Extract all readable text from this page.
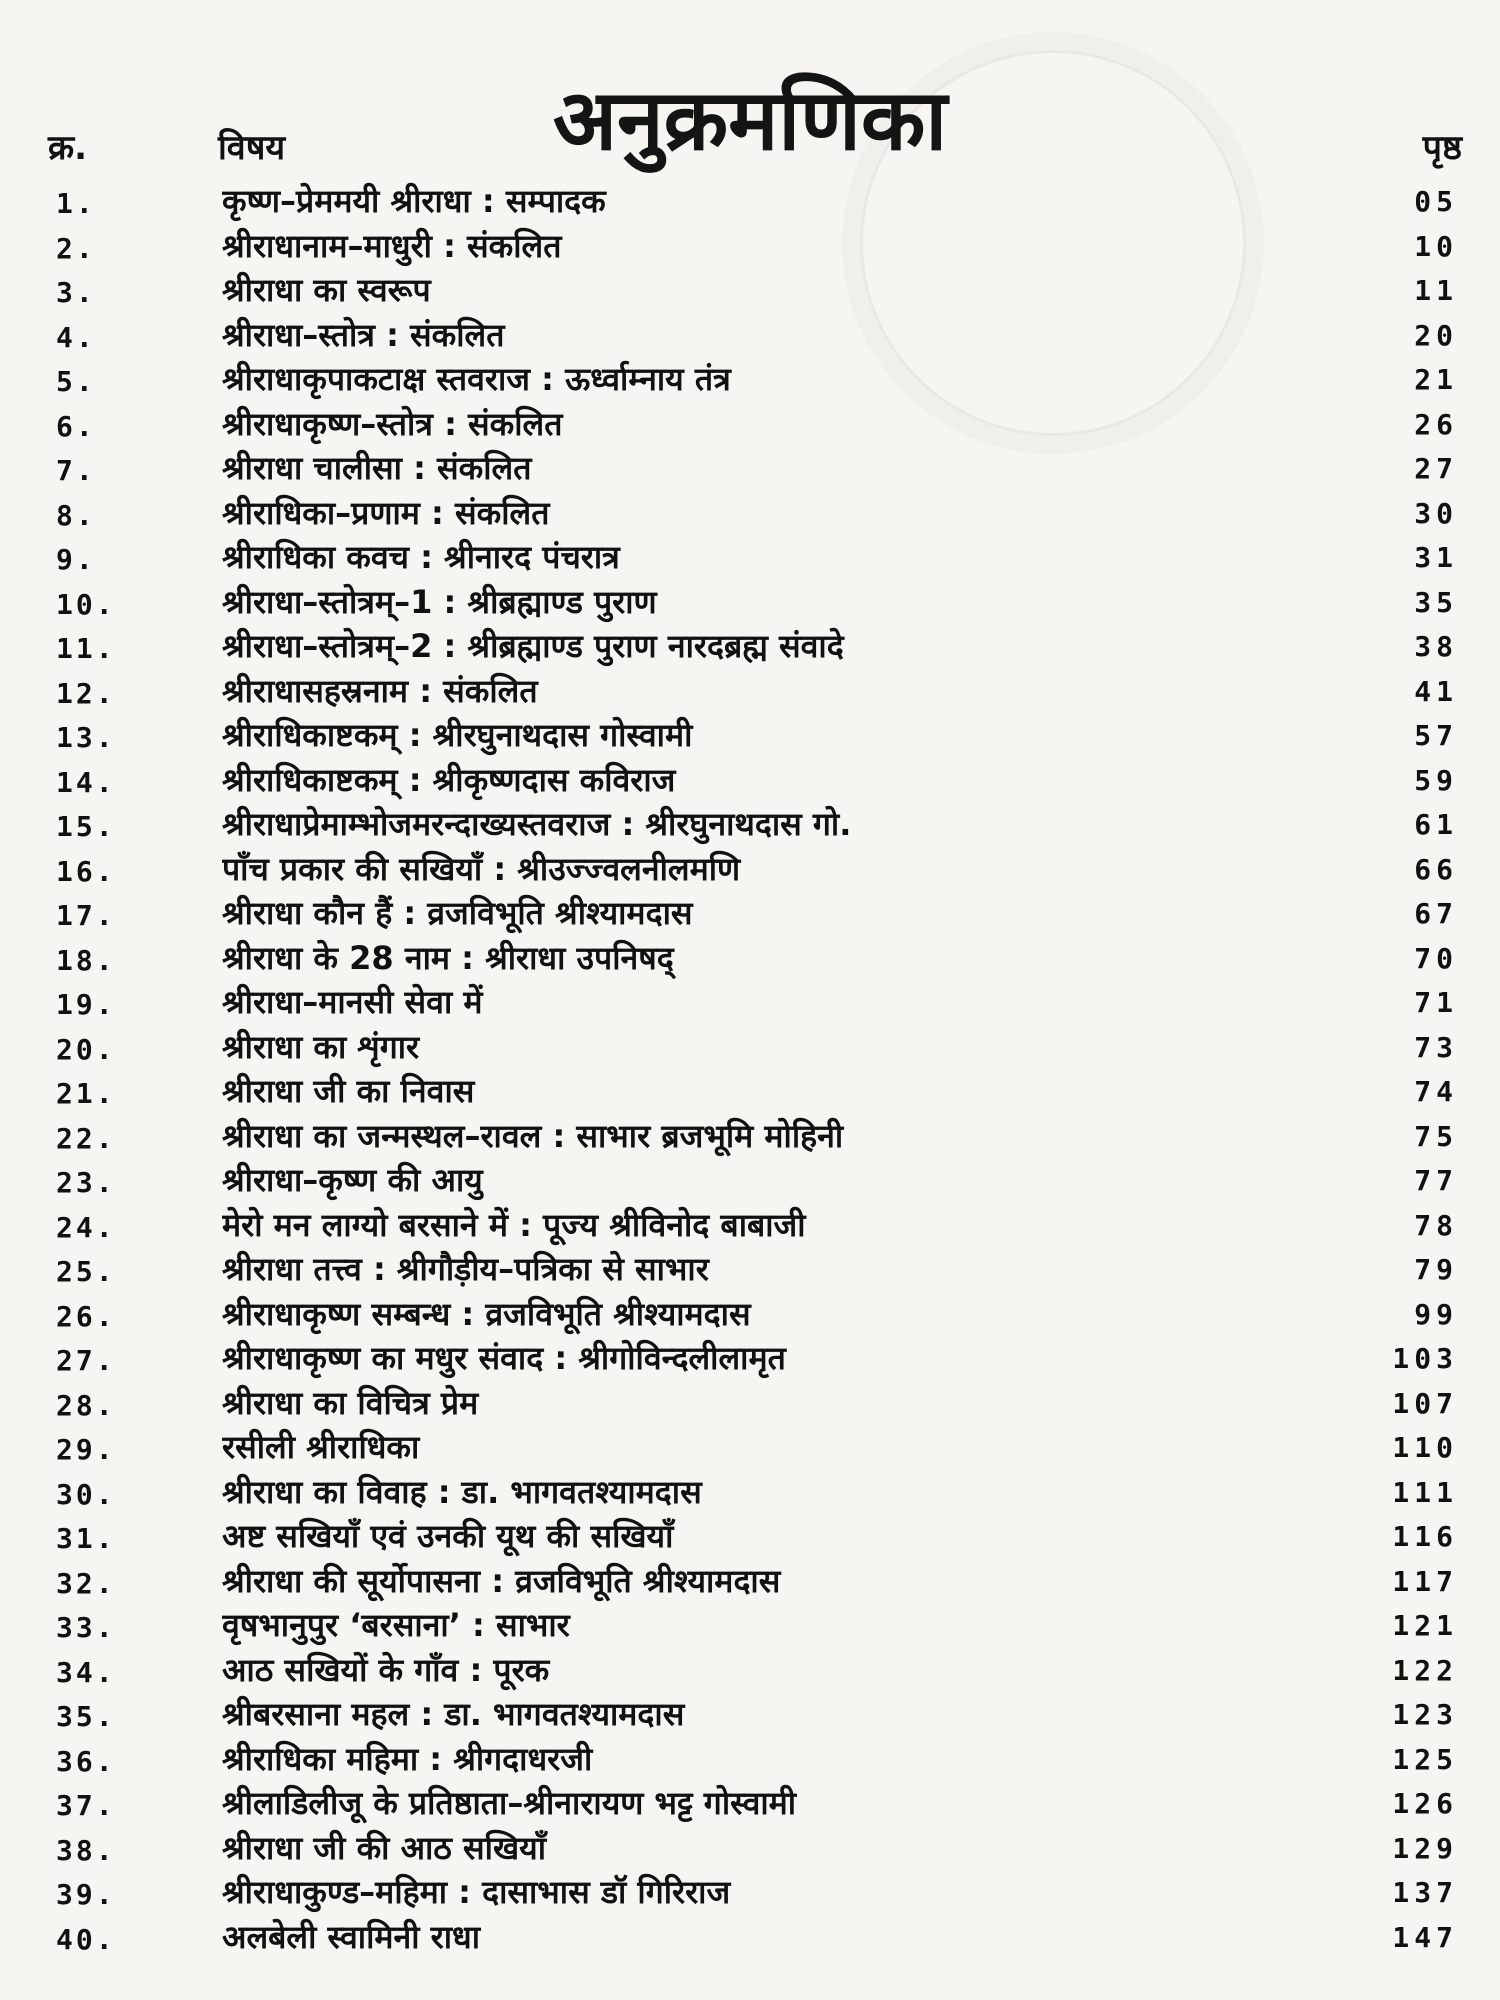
अनुक्रमणिका
क्र.	विषय	पृष्ठ
1.	कृष्ण–प्रेममयी श्रीराधा : सम्पादक	05
2.	श्रीराधानाम–माधुरी : संकलित	10
3.	श्रीराधा का स्वरूप	11
4.	श्रीराधा–स्तोत्र : संकलित	20
5.	श्रीराधाकृपाकटाक्ष स्तवराज : ऊर्ध्वाम्नाय तंत्र	21
6.	श्रीराधाकृष्ण–स्तोत्र : संकलित	26
7.	श्रीराधा चालीसा : संकलित	27
8.	श्रीराधिका–प्रणाम : संकलित	30
9.	श्रीराधिका कवच : श्रीनारद पंचरात्र	31
10.	श्रीराधा–स्तोत्रम्–1 : श्रीब्रह्माण्ड पुराण	35
11.	श्रीराधा–स्तोत्रम्–2 : श्रीब्रह्माण्ड पुराण नारदब्रह्म संवादे	38
12.	श्रीराधासहस्रनाम : संकलित	41
13.	श्रीराधिकाष्टकम् : श्रीरघुनाथदास गोस्वामी	57
14.	श्रीराधिकाष्टकम् : श्रीकृष्णदास कविराज	59
15.	श्रीराधाप्रेमाम्भोजमरन्दाख्यस्तवराज : श्रीरघुनाथदास गो.	61
16.	पाँच प्रकार की सखियाँ : श्रीउज्ज्वलनीलमणि	66
17.	श्रीराधा कौन हैं : व्रजविभूति श्रीश्यामदास	67
18.	श्रीराधा के 28 नाम : श्रीराधा उपनिषद्	70
19.	श्रीराधा–मानसी सेवा में	71
20.	श्रीराधा का शृंगार	73
21.	श्रीराधा जी का निवास	74
22.	श्रीराधा का जन्मस्थल–रावल : साभार ब्रजभूमि मोहिनी	75
23.	श्रीराधा–कृष्ण की आयु	77
24.	मेरो मन लाग्यो बरसाने में : पूज्य श्रीविनोद बाबाजी	78
25.	श्रीराधा तत्त्व : श्रीगौड़ीय–पत्रिका से साभार	79
26.	श्रीराधाकृष्ण सम्बन्ध : व्रजविभूति श्रीश्यामदास	99
27.	श्रीराधाकृष्ण का मधुर संवाद : श्रीगोविन्दलीलामृत	103
28.	श्रीराधा का विचित्र प्रेम	107
29.	रसीली श्रीराधिका	110
30.	श्रीराधा का विवाह : डा. भागवतश्यामदास	111
31.	अष्ट सखियाँ एवं उनकी यूथ की सखियाँ	116
32.	श्रीराधा की सूर्योपासना : व्रजविभूति श्रीश्यामदास	117
33.	वृषभानुपुर ‘बरसाना’ : साभार	121
34.	आठ सखियों के गाँव : पूरक	122
35.	श्रीबरसाना महल : डा. भागवतश्यामदास	123
36.	श्रीराधिका महिमा : श्रीगदाधरजी	125
37.	श्रीलाडिलीजू के प्रतिष्ठाता–श्रीनारायण भट्ट गोस्वामी	126
38.	श्रीराधा जी की आठ सखियाँ	129
39.	श्रीराधाकुण्ड–महिमा : दासाभास डॉ गिरिराज	137
40.	अलबेली स्वामिनी राधा	147
